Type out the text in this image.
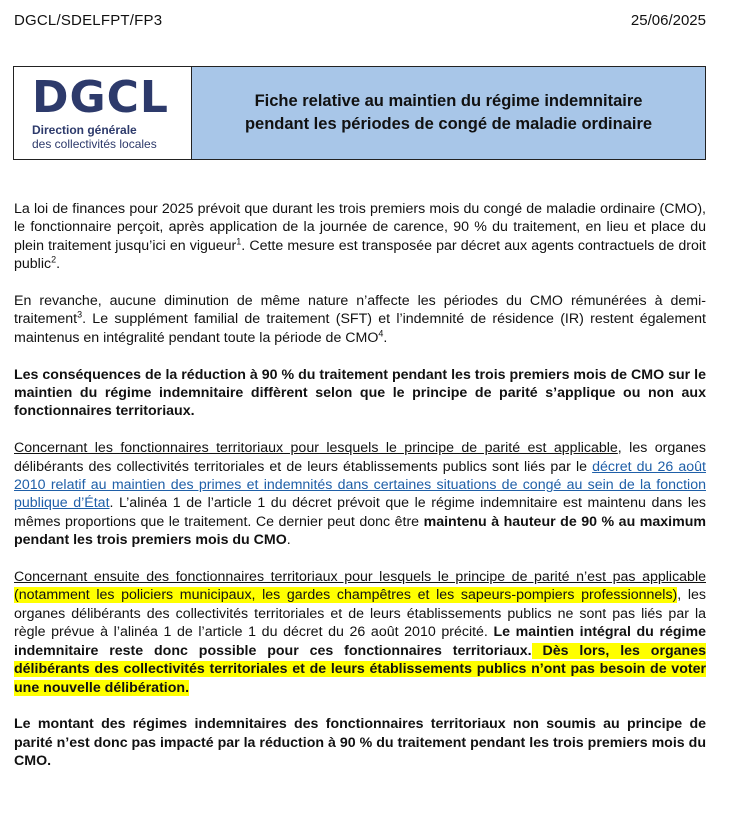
DGCL/SDELFPT/FP3	25/06/2025
DGCL
Direction générale
des collectivités locales
Fiche relative au maintien du régime indemnitaire
pendant les périodes de congé de maladie ordinaire

La loi de finances pour 2025 prévoit que durant les trois premiers mois du congé de maladie ordinaire (CMO), le fonctionnaire perçoit, après application de la journée de carence, 90 % du traitement, en lieu et place du plein traitement jusqu’ici en vigueur$^1$. Cette mesure est transposée par décret aux agents contractuels de droit public$^2$.

En revanche, aucune diminution de même nature n’affecte les périodes du CMO rémunérées à demi-traitement$^3$. Le supplément familial de traitement (SFT) et l’indemnité de résidence (IR) restent également maintenus en intégralité pendant toute la période de CMO$^4$.

Les conséquences de la réduction à 90 % du traitement pendant les trois premiers mois de CMO sur le maintien du régime indemnitaire diffèrent selon que le principe de parité s’applique ou non aux fonctionnaires territoriaux.

Concernant les fonctionnaires territoriaux pour lesquels le principe de parité est applicable, les organes délibérants des collectivités territoriales et de leurs établissements publics sont liés par le décret du 26 août 2010 relatif au maintien des primes et indemnités dans certaines situations de congé au sein de la fonction publique d’État. L’alinéa 1 de l’article 1 du décret prévoit que le régime indemnitaire est maintenu dans les mêmes proportions que le traitement. Ce dernier peut donc être maintenu à hauteur de 90 % au maximum pendant les trois premiers mois du CMO.

Concernant ensuite des fonctionnaires territoriaux pour lesquels le principe de parité n’est pas applicable (notamment les policiers municipaux, les gardes champêtres et les sapeurs-pompiers professionnels), les organes délibérants des collectivités territoriales et de leurs établissements publics ne sont pas liés par la règle prévue à l’alinéa 1 de l’article 1 du décret du 26 août 2010 précité. Le maintien intégral du régime indemnitaire reste donc possible pour ces fonctionnaires territoriaux. Dès lors, les organes délibérants des collectivités territoriales et de leurs établissements publics n’ont pas besoin de voter une nouvelle délibération.

Le montant des régimes indemnitaires des fonctionnaires territoriaux non soumis au principe de parité n’est donc pas impacté par la réduction à 90 % du traitement pendant les trois premiers mois du CMO.
